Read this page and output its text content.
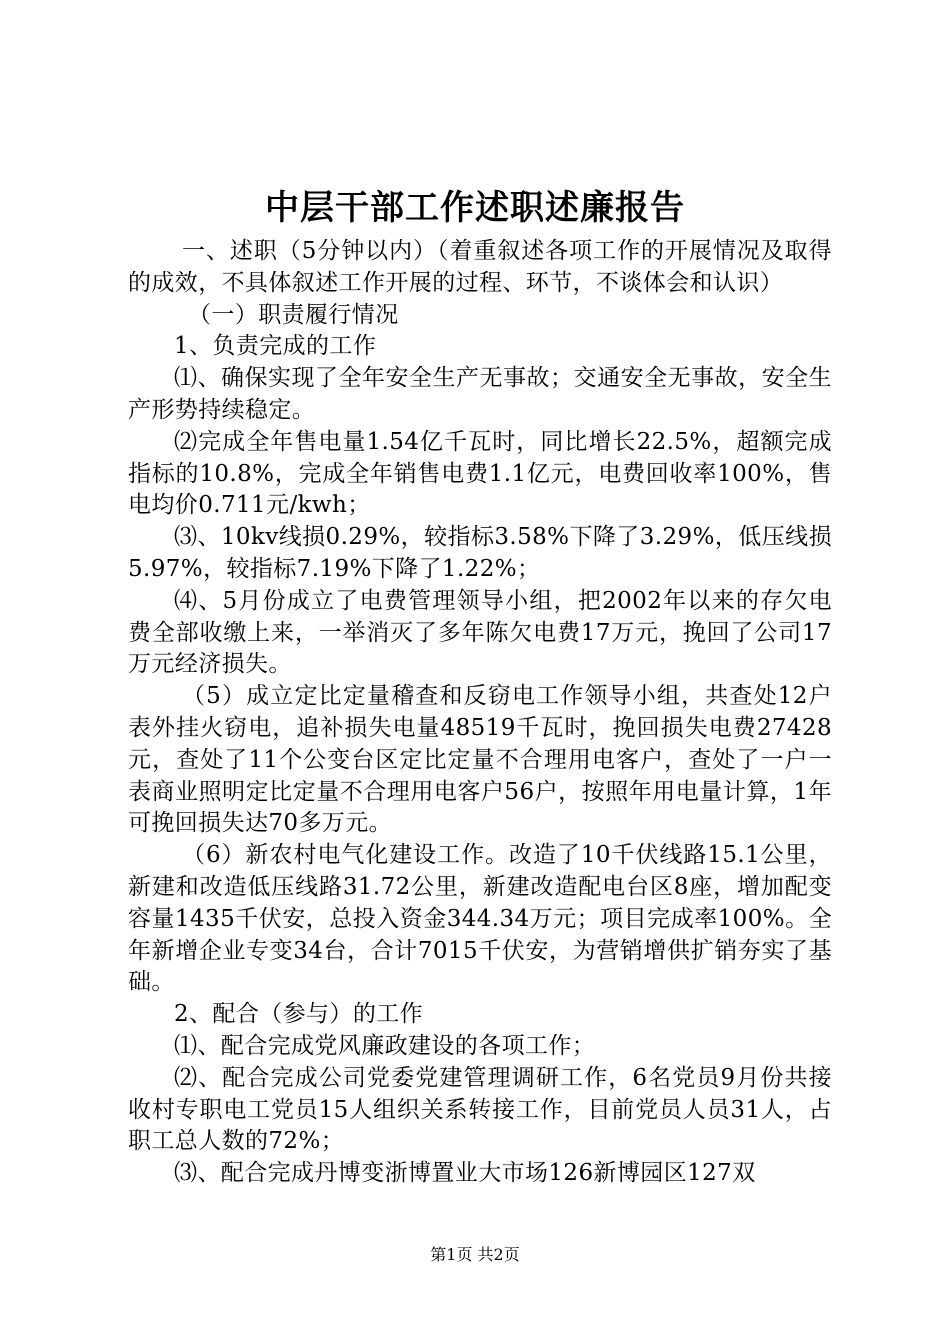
中层干部工作述职述廉报告

一、述职（5分钟以内）（着重叙述各项工作的开展情况及取得的成效，不具体叙述工作开展的过程、环节，不谈体会和认识）

（一）职责履行情况

1、负责完成的工作

⑴、确保实现了全年安全生产无事故；交通安全无事故，安全生产形势持续稳定。

⑵完成全年售电量1.54亿千瓦时，同比增长22.5%，超额完成指标的10.8%，完成全年销售电费1.1亿元，电费回收率100%，售电均价0.711元/kwh；

⑶、10kv线损0.29%，较指标3.58%下降了3.29%，低压线损5.97%，较指标7.19%下降了1.22%；

⑷、5月份成立了电费管理领导小组，把2002年以来的存欠电费全部收缴上来，一举消灭了多年陈欠电费17万元，挽回了公司17万元经济损失。

（5）成立定比定量稽查和反窃电工作领导小组，共查处12户表外挂火窃电，追补损失电量48519千瓦时，挽回损失电费27428元，查处了11个公变台区定比定量不合理用电客户，查处了一户一表商业照明定比定量不合理用电客户56户，按照年用电量计算，1年可挽回损失达70多万元。

（6）新农村电气化建设工作。改造了10千伏线路15.1公里，新建和改造低压线路31.72公里，新建改造配电台区8座，增加配变容量1435千伏安，总投入资金344.34万元；项目完成率100%。全年新增企业专变34台，合计7015千伏安，为营销增供扩销夯实了基础。

2、配合（参与）的工作

⑴、配合完成党风廉政建设的各项工作；

⑵、配合完成公司党委党建管理调研工作，6名党员9月份共接收村专职电工党员15人组织关系转接工作，目前党员人员31人，占职工总人数的72%；

⑶、配合完成丹博变浙博置业大市场126新博园区127双

第1页 共2页
